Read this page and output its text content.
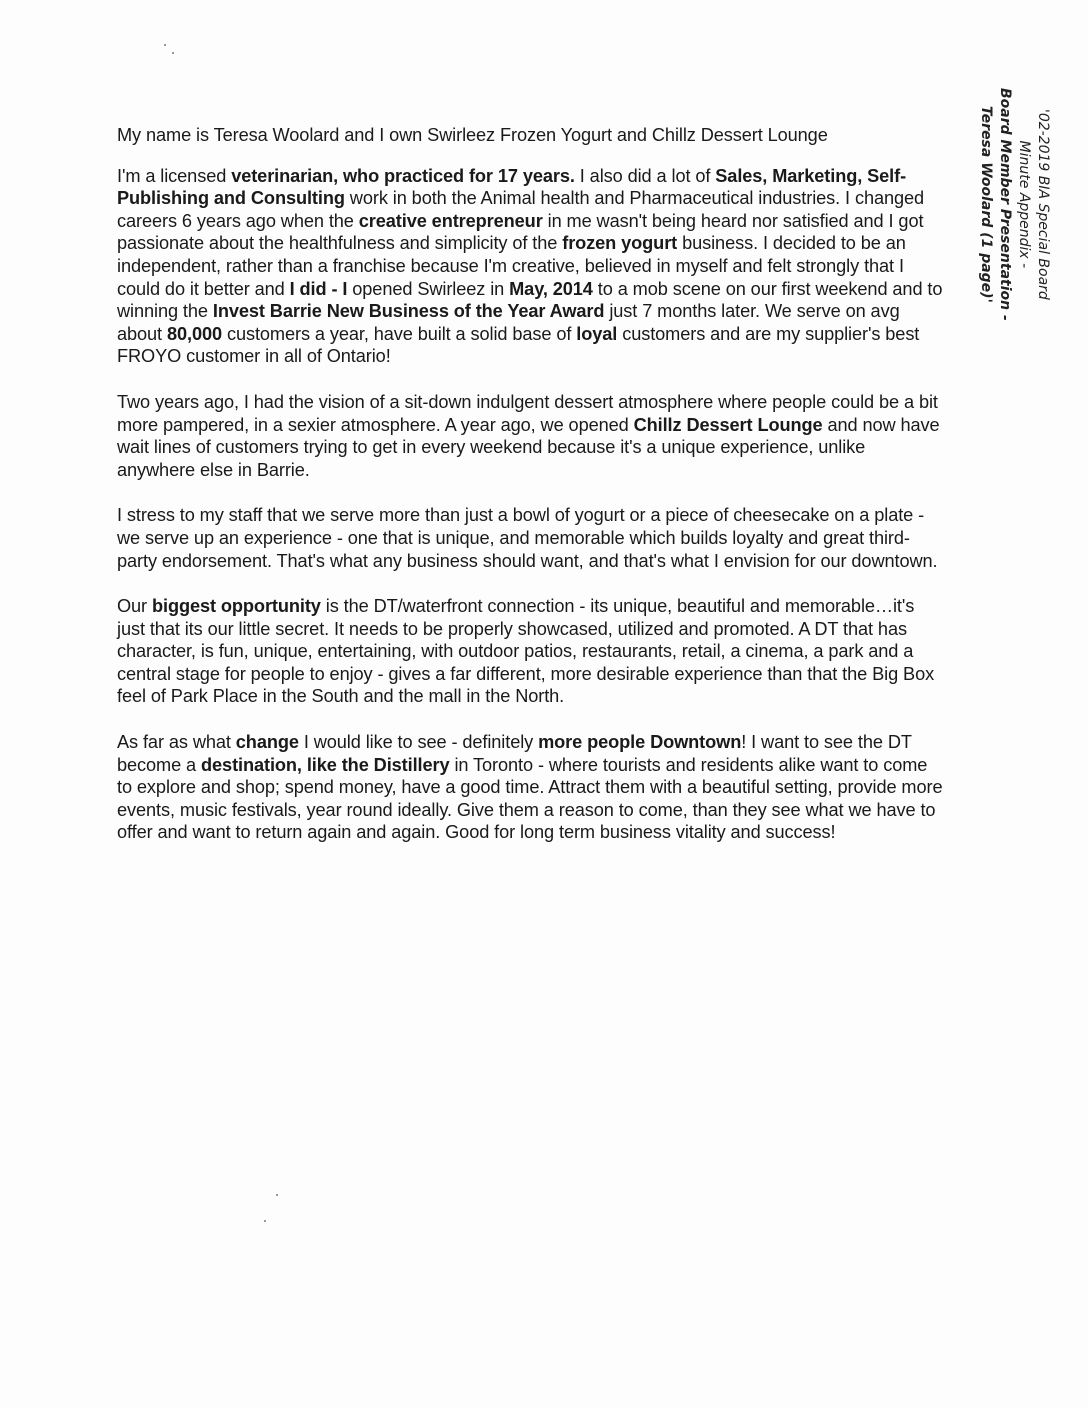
'02-2019 BIA Special Board
Minute Appendix -
Board Member Presentation -
Teresa Woolard (1 page)'

My name is Teresa Woolard and I own Swirleez Frozen Yogurt and Chillz Dessert Lounge

I'm a licensed veterinarian, who practiced for 17 years. I also did a lot of Sales, Marketing, Self-Publishing and Consulting work in both the Animal health and Pharmaceutical industries. I changed careers 6 years ago when the creative entrepreneur in me wasn't being heard nor satisfied and I got passionate about the healthfulness and simplicity of the frozen yogurt business. I decided to be an independent, rather than a franchise because I'm creative, believed in myself and felt strongly that I could do it better and I did - I opened Swirleez in May, 2014 to a mob scene on our first weekend and to winning the Invest Barrie New Business of the Year Award just 7 months later. We serve on avg about 80,000 customers a year, have built a solid base of loyal customers and are my supplier's best FROYO customer in all of Ontario!

Two years ago, I had the vision of a sit-down indulgent dessert atmosphere where people could be a bit more pampered, in a sexier atmosphere. A year ago, we opened Chillz Dessert Lounge and now have wait lines of customers trying to get in every weekend because it's a unique experience, unlike anywhere else in Barrie.

I stress to my staff that we serve more than just a bowl of yogurt or a piece of cheesecake on a plate - we serve up an experience - one that is unique, and memorable which builds loyalty and great third-party endorsement. That's what any business should want, and that's what I envision for our downtown.

Our biggest opportunity is the DT/waterfront connection - its unique, beautiful and memorable…it's just that its our little secret. It needs to be properly showcased, utilized and promoted. A DT that has character, is fun, unique, entertaining, with outdoor patios, restaurants, retail, a cinema, a park and a central stage for people to enjoy - gives a far different, more desirable experience than that the Big Box feel of Park Place in the South and the mall in the North.

As far as what change I would like to see - definitely more people Downtown! I want to see the DT become a destination, like the Distillery in Toronto - where tourists and residents alike want to come to explore and shop; spend money, have a good time. Attract them with a beautiful setting, provide more events, music festivals, year round ideally. Give them a reason to come, than they see what we have to offer and want to return again and again. Good for long term business vitality and success!
